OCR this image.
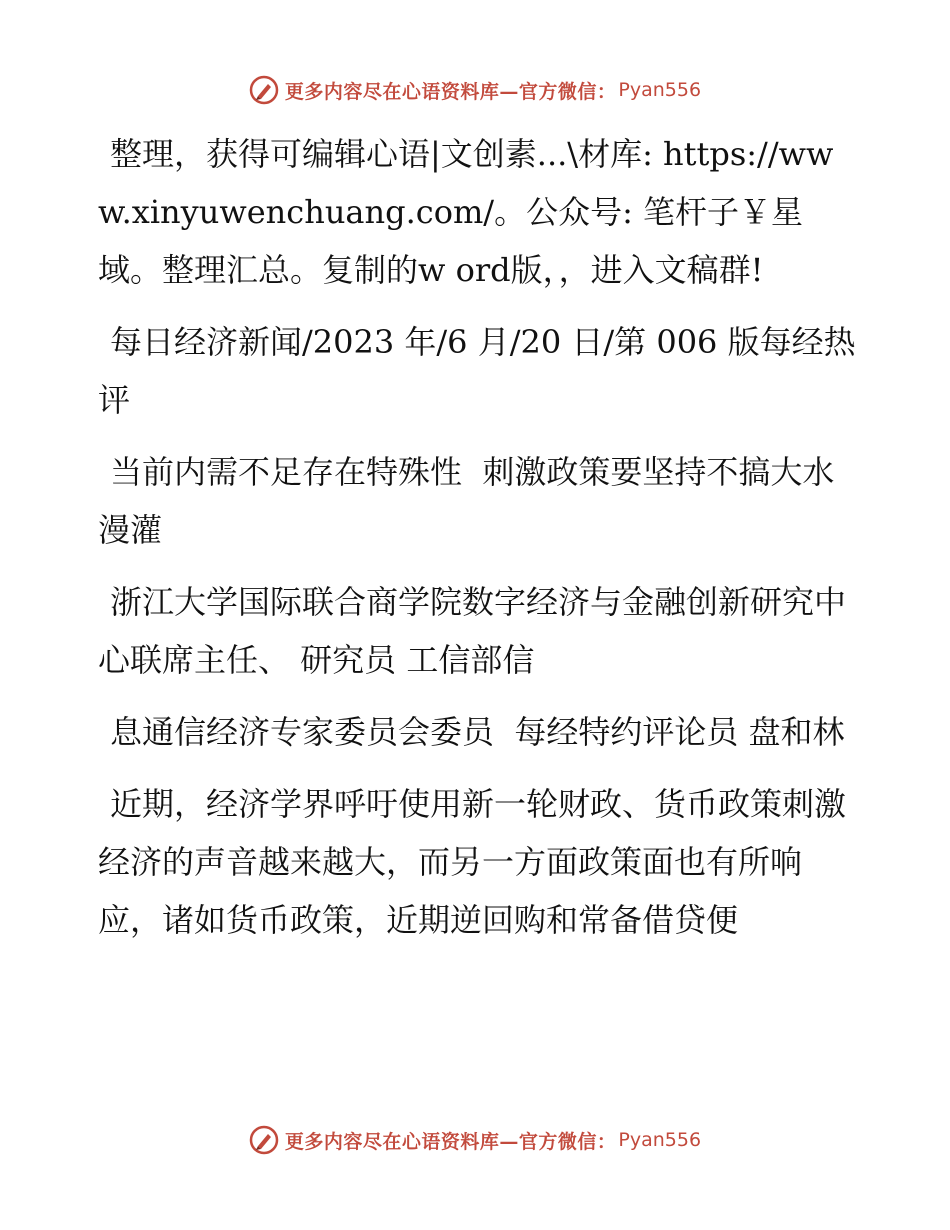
更多内容尽在心语资料库—官方微信： Pyan556

整理，获得可编辑心语|文创素...\材库: https://www.xinyuwenchuang.com/。公众号: 笔杆子￥星域。整理汇总。复制的w ord版，，进入文稿群!

每日经济新闻/2023 年/6 月/20 日/第 006 版每经热评

当前内需不足存在特殊性  刺激政策要坚持不搞大水漫灌

浙江大学国际联合商学院数字经济与金融创新研究中心联席主任、 研究员 工信部信

息通信经济专家委员会委员  每经特约评论员 盘和林

近期，经济学界呼吁使用新一轮财政、货币政策刺激经济的声音越来越大，而另一方面政策面也有所响应，诸如货币政策，近期逆回购和常备借贷便

更多内容尽在心语资料库—官方微信： Pyan556
